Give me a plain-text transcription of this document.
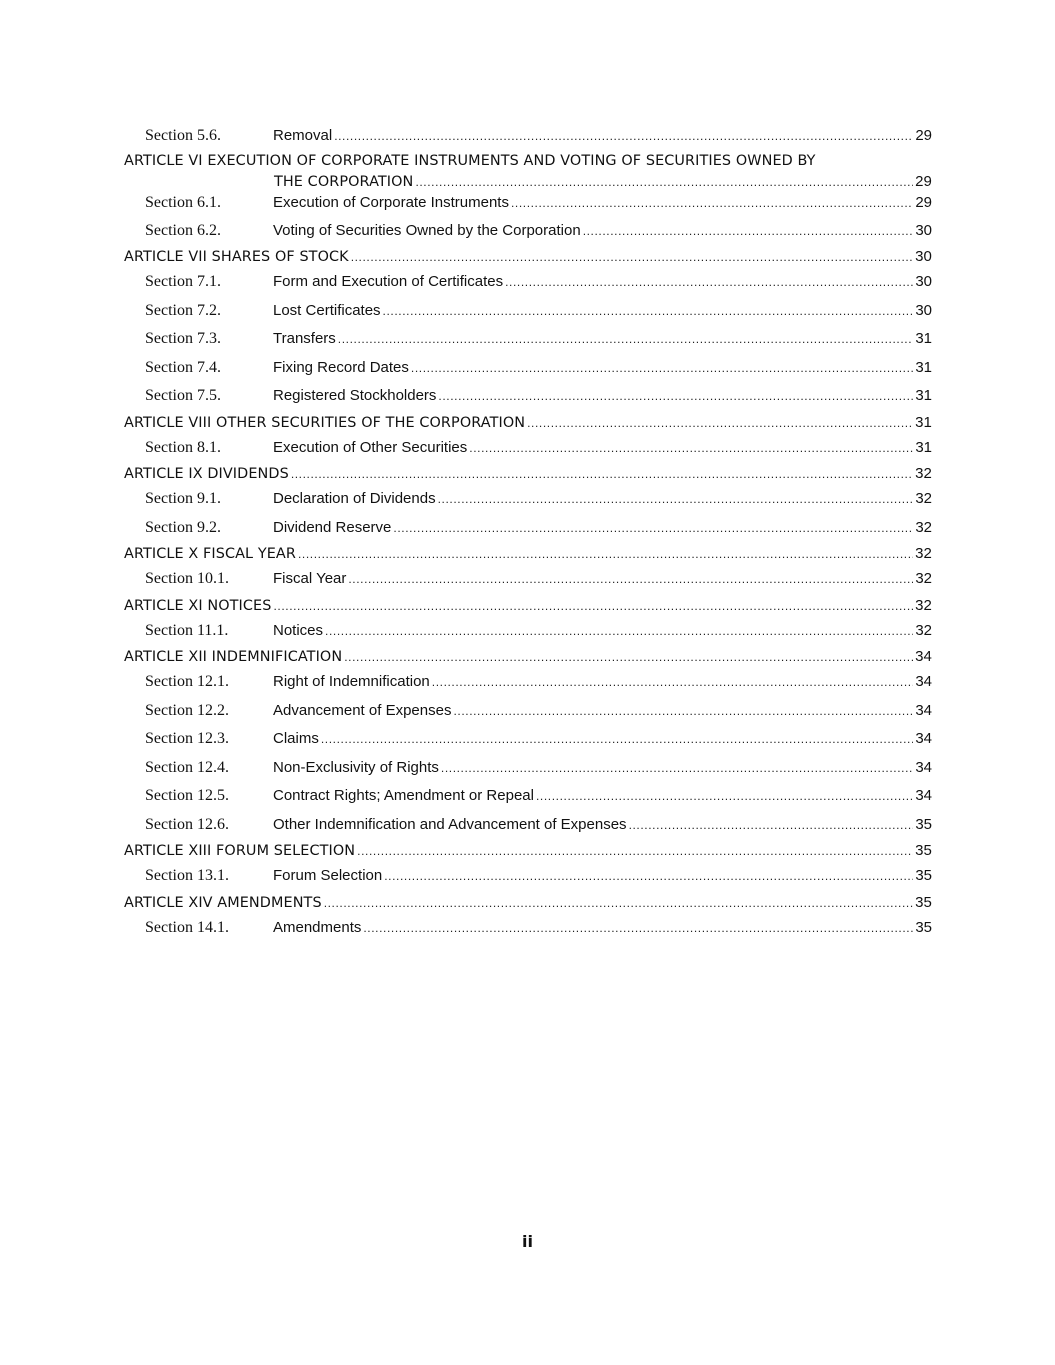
Section 5.6.	Removal .....	29
ARTICLE VI EXECUTION OF CORPORATE INSTRUMENTS AND VOTING OF SECURITIES OWNED BY
THE CORPORATION .....	29
Section 6.1.	Execution of Corporate Instruments .....	29
Section 6.2.	Voting of Securities Owned by the Corporation .....	30
ARTICLE VII SHARES OF STOCK .....	30
Section 7.1.	Form and Execution of Certificates .....	30
Section 7.2.	Lost Certificates .....	30
Section 7.3.	Transfers .....	31
Section 7.4.	Fixing Record Dates .....	31
Section 7.5.	Registered Stockholders .....	31
ARTICLE VIII OTHER SECURITIES OF THE CORPORATION .....	31
Section 8.1.	Execution of Other Securities .....	31
ARTICLE IX DIVIDENDS .....	32
Section 9.1.	Declaration of Dividends .....	32
Section 9.2.	Dividend Reserve .....	32
ARTICLE X FISCAL YEAR .....	32
Section 10.1.	Fiscal Year .....	32
ARTICLE XI NOTICES .....	32
Section 11.1.	Notices .....	32
ARTICLE XII INDEMNIFICATION .....	34
Section 12.1.	Right of Indemnification .....	34
Section 12.2.	Advancement of Expenses .....	34
Section 12.3.	Claims .....	34
Section 12.4.	Non-Exclusivity of Rights .....	34
Section 12.5.	Contract Rights; Amendment or Repeal .....	34
Section 12.6.	Other Indemnification and Advancement of Expenses .....	35
ARTICLE XIII FORUM SELECTION .....	35
Section 13.1.	Forum Selection .....	35
ARTICLE XIV AMENDMENTS .....	35
Section 14.1.	Amendments .....	35
ii
